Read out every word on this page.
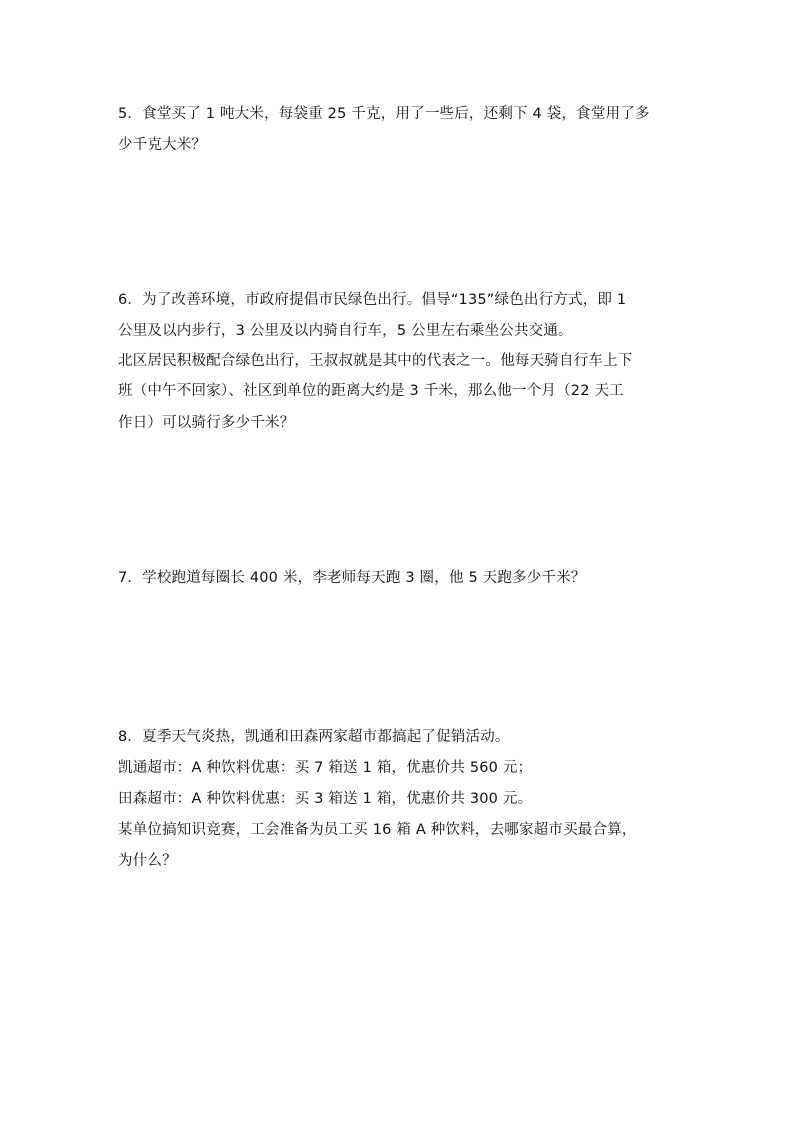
5．食堂买了 1 吨大米，每袋重 25 千克，用了一些后，还剩下 4 袋，食堂用了多
少千克大米？
6．为了改善环境，市政府提倡市民绿色出行。倡导“135”绿色出行方式，即 1
公里及以内步行，3 公里及以内骑自行车，5 公里左右乘坐公共交通。
北区居民积极配合绿色出行，王叔叔就是其中的代表之一。他每天骑自行车上下
班（中午不回家）、社区到单位的距离大约是 3 千米，那么他一个月（22 天工
作日）可以骑行多少千米？
7．学校跑道每圈长 400 米，李老师每天跑 3 圈，他 5 天跑多少千米？
8．夏季天气炎热，凯通和田森两家超市都搞起了促销活动。
凯通超市：A 种饮料优惠：买 7 箱送 1 箱，优惠价共 560 元；
田森超市：A 种饮料优惠：买 3 箱送 1 箱，优惠价共 300 元。
某单位搞知识竞赛，工会准备为员工买 16 箱 A 种饮料，去哪家超市买最合算，
为什么？
